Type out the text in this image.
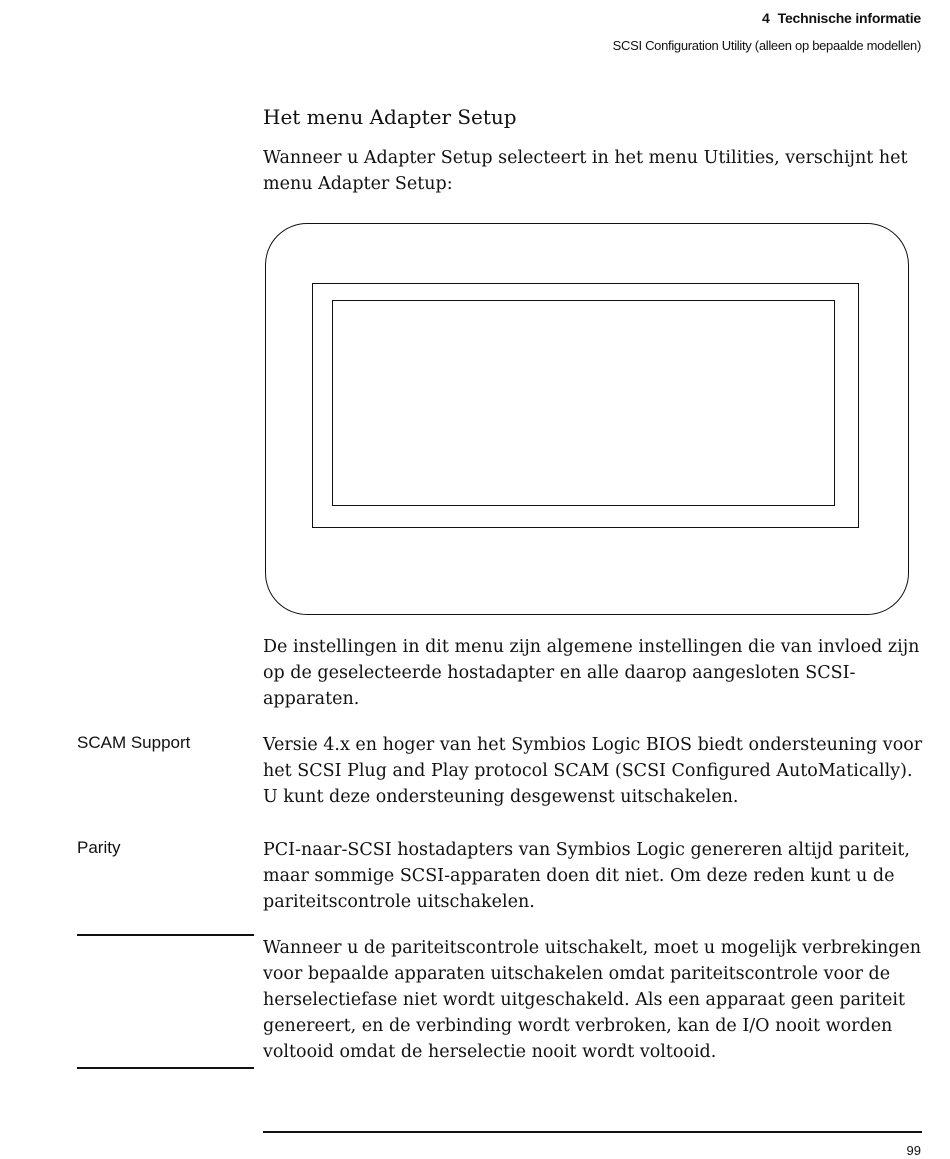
4 Technische informatie
SCSI Configuration Utility (alleen op bepaalde modellen)
Het menu Adapter Setup

Wanneer u Adapter Setup selecteert in het menu Utilities, verschijnt het menu Adapter Setup:

De instellingen in dit menu zijn algemene instellingen die van invloed zijn op de geselecteerde hostadapter en alle daarop aangesloten SCSI-apparaten.

SCAM Support	Versie 4.x en hoger van het Symbios Logic BIOS biedt ondersteuning voor het SCSI Plug and Play protocol SCAM (SCSI Configured AutoMatically). U kunt deze ondersteuning desgewenst uitschakelen.

Parity	PCI-naar-SCSI hostadapters van Symbios Logic genereren altijd pariteit, maar sommige SCSI-apparaten doen dit niet. Om deze reden kunt u de pariteitscontrole uitschakelen.

Wanneer u de pariteitscontrole uitschakelt, moet u mogelijk verbrekingen voor bepaalde apparaten uitschakelen omdat pariteitscontrole voor de herselectiefase niet wordt uitgeschakeld. Als een apparaat geen pariteit genereert, en de verbinding wordt verbroken, kan de I/O nooit worden voltooid omdat de herselectie nooit wordt voltooid.

99
